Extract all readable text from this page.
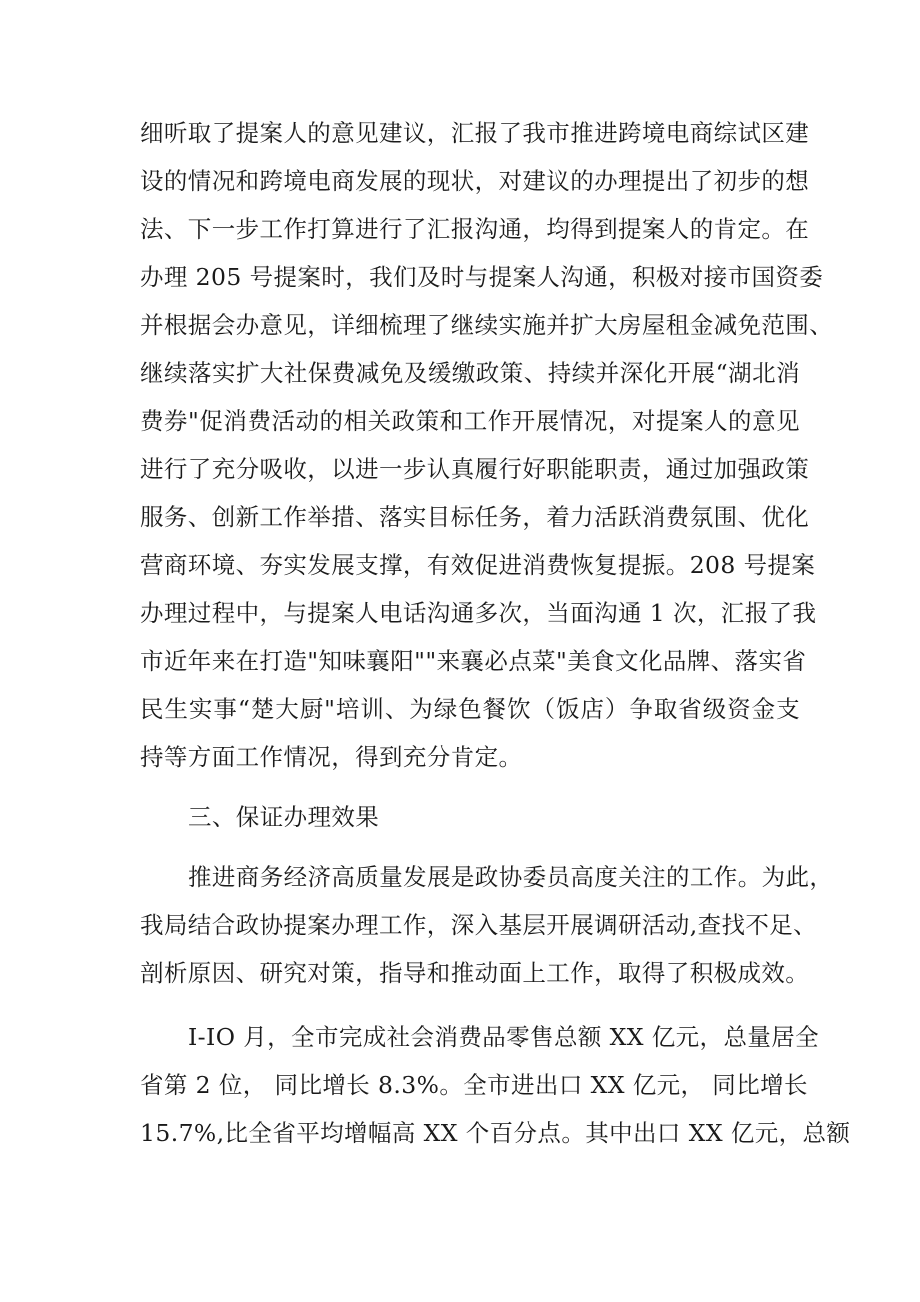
细听取了提案人的意见建议，汇报了我市推进跨境电商综试区建
设的情况和跨境电商发展的现状，对建议的办理提出了初步的想
法、下一步工作打算进行了汇报沟通，均得到提案人的肯定。在
办理 205 号提案时，我们及时与提案人沟通，积极对接市国资委
并根据会办意见，详细梳理了继续实施并扩大房屋租金减免范围、
继续落实扩大社保费减免及缓缴政策、持续并深化开展“湖北消
费券"促消费活动的相关政策和工作开展情况，对提案人的意见
进行了充分吸收，以进一步认真履行好职能职责，通过加强政策
服务、创新工作举措、落实目标任务，着力活跃消费氛围、优化
营商环境、夯实发展支撑，有效促进消费恢复提振。208 号提案
办理过程中，与提案人电话沟通多次，当面沟通 1 次，汇报了我
市近年来在打造"知味襄阳""来襄必点菜"美食文化品牌、落实省
民生实事“楚大厨"培训、为绿色餐饮（饭店）争取省级资金支
持等方面工作情况，得到充分肯定。
三、保证办理效果
推进商务经济高质量发展是政协委员高度关注的工作。为此，
我局结合政协提案办理工作，深入基层开展调研活动,查找不足、
剖析原因、研究对策，指导和推动面上工作，取得了积极成效。
I-IO 月，全市完成社会消费品零售总额 XX 亿元，总量居全
省第 2 位， 同比增长 8.3%。全市进出口 XX 亿元， 同比增长
15.7%,比全省平均增幅高 XX 个百分点。其中出口 XX 亿元，总额
